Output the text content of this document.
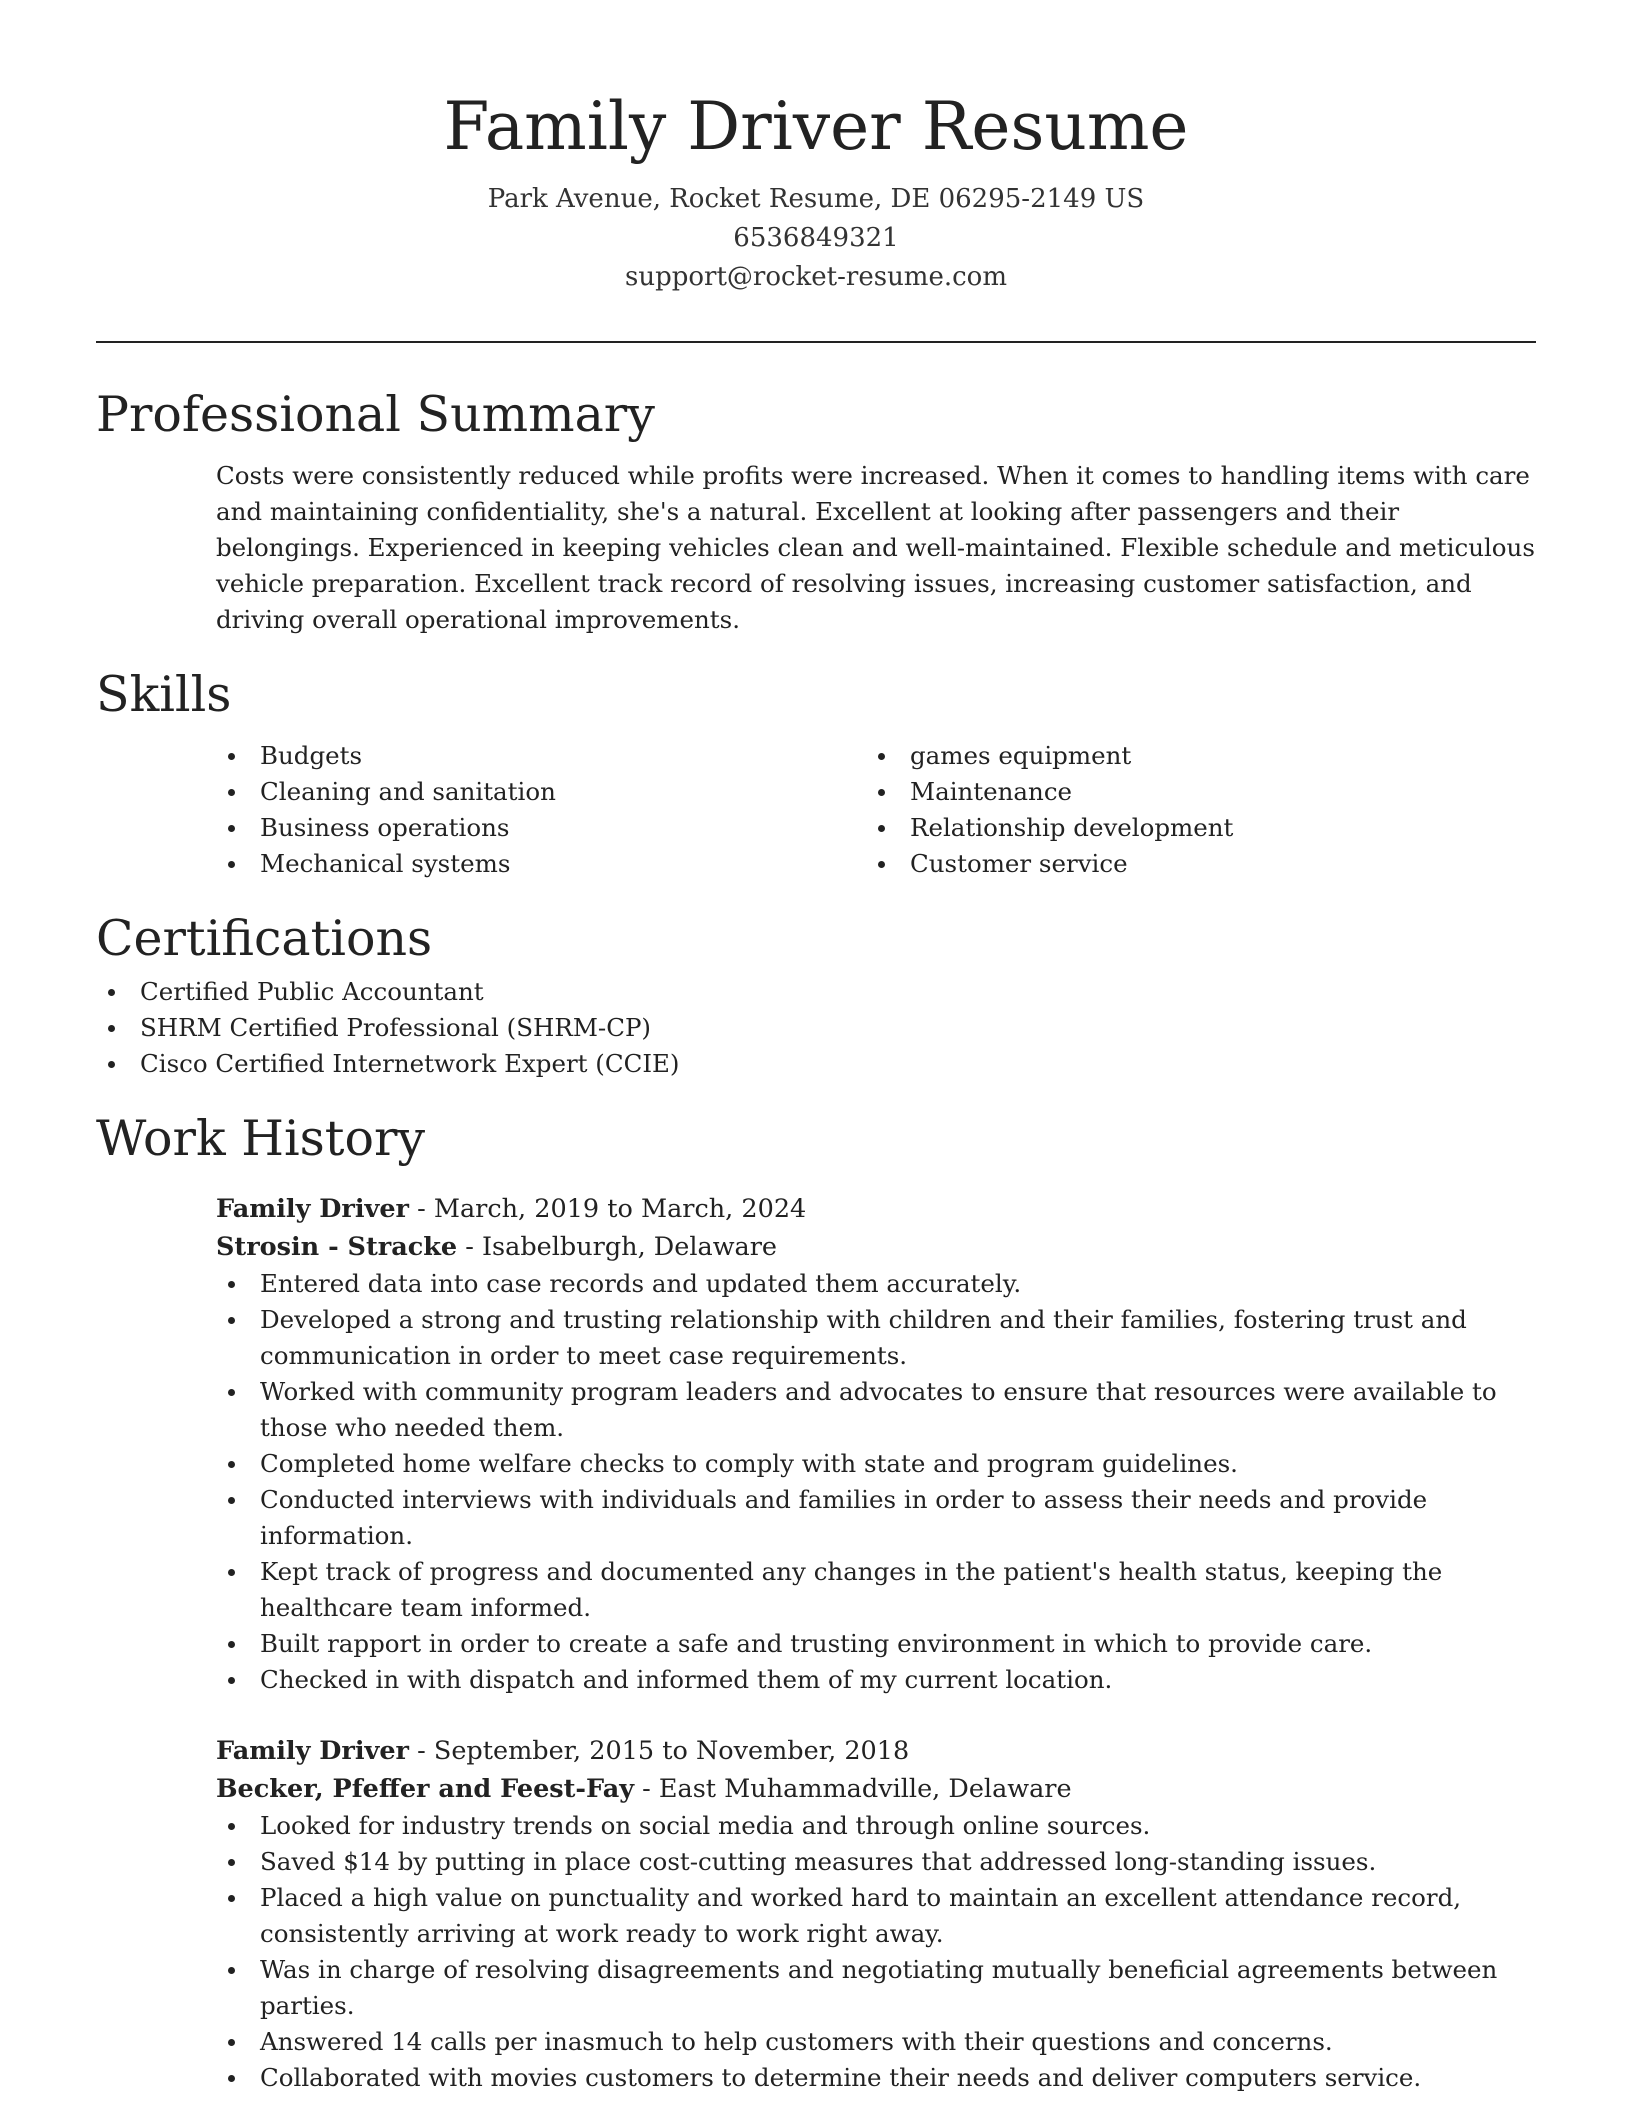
Family Driver Resume
Park Avenue, Rocket Resume, DE 06295-2149 US
6536849321
support@rocket-resume.com
Professional Summary

Costs were consistently reduced while profits were increased. When it comes to handling items with care and maintaining confidentiality, she's a natural. Excellent at looking after passengers and their belongings. Experienced in keeping vehicles clean and well-maintained. Flexible schedule and meticulous vehicle preparation. Excellent track record of resolving issues, increasing customer satisfaction, and driving overall operational improvements.

Skills
Budgets
Cleaning and sanitation
Business operations
Mechanical systems
games equipment
Maintenance
Relationship development
Customer service
Certifications
Certified Public Accountant
SHRM Certified Professional (SHRM-CP)
Cisco Certified Internetwork Expert (CCIE)
Work History
Family Driver - March, 2019 to March, 2024
Strosin - Stracke - Isabelburgh, Delaware
Entered data into case records and updated them accurately.
Developed a strong and trusting relationship with children and their families, fostering trust and communication in order to meet case requirements.
Worked with community program leaders and advocates to ensure that resources were available to those who needed them.
Completed home welfare checks to comply with state and program guidelines.
Conducted interviews with individuals and families in order to assess their needs and provide information.
Kept track of progress and documented any changes in the patient's health status, keeping the healthcare team informed.
Built rapport in order to create a safe and trusting environment in which to provide care.
Checked in with dispatch and informed them of my current location.
Family Driver - September, 2015 to November, 2018
Becker, Pfeffer and Feest-Fay - East Muhammadville, Delaware
Looked for industry trends on social media and through online sources.
Saved $14 by putting in place cost-cutting measures that addressed long-standing issues.
Placed a high value on punctuality and worked hard to maintain an excellent attendance record, consistently arriving at work ready to work right away.
Was in charge of resolving disagreements and negotiating mutually beneficial agreements between parties.
Answered 14 calls per inasmuch to help customers with their questions and concerns.
Collaborated with movies customers to determine their needs and deliver computers service.
